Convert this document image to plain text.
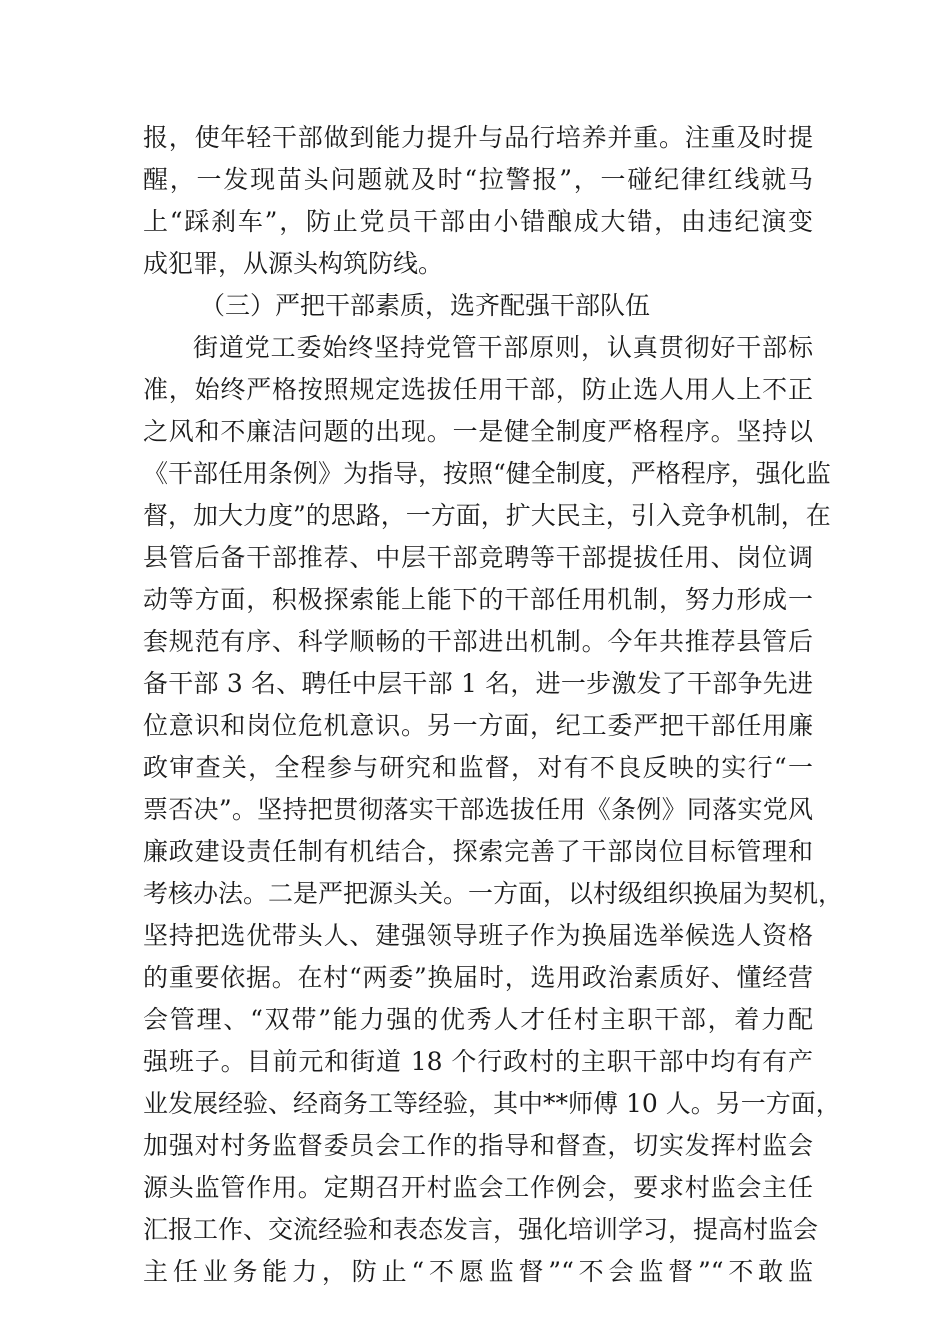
报，使年轻干部做到能力提升与品行培养并重。注重及时提
醒，一发现苗头问题就及时“拉警报”，一碰纪律红线就马
上“踩刹车”，防止党员干部由小错酿成大错，由违纪演变
成犯罪，从源头构筑防线。
（三）严把干部素质，选齐配强干部队伍
街道党工委始终坚持党管干部原则，认真贯彻好干部标
准，始终严格按照规定选拔任用干部，防止选人用人上不正
之风和不廉洁问题的出现。一是健全制度严格程序。坚持以
《干部任用条例》为指导，按照“健全制度，严格程序，强化监
督，加大力度”的思路，一方面，扩大民主，引入竞争机制，在
县管后备干部推荐、中层干部竞聘等干部提拔任用、岗位调
动等方面，积极探索能上能下的干部任用机制，努力形成一
套规范有序、科学顺畅的干部进出机制。今年共推荐县管后
备干部 3 名、聘任中层干部 1 名，进一步激发了干部争先进
位意识和岗位危机意识。另一方面，纪工委严把干部任用廉
政审查关，全程参与研究和监督，对有不良反映的实行“一
票否决”。坚持把贯彻落实干部选拔任用《条例》同落实党风
廉政建设责任制有机结合，探索完善了干部岗位目标管理和
考核办法。二是严把源头关。一方面，以村级组织换届为契机，
坚持把选优带头人、建强领导班子作为换届选举候选人资格
的重要依据。在村“两委”换届时，选用政治素质好、懂经营
会管理、“双带”能力强的优秀人才任村主职干部，着力配
强班子。目前元和街道 18 个行政村的主职干部中均有有产
业发展经验、经商务工等经验，其中**师傅 10 人。另一方面，
加强对村务监督委员会工作的指导和督查，切实发挥村监会
源头监管作用。定期召开村监会工作例会，要求村监会主任
汇报工作、交流经验和表态发言，强化培训学习，提高村监会
主任业务能力，防止“不愿监督”“不会监督”“不敢监
